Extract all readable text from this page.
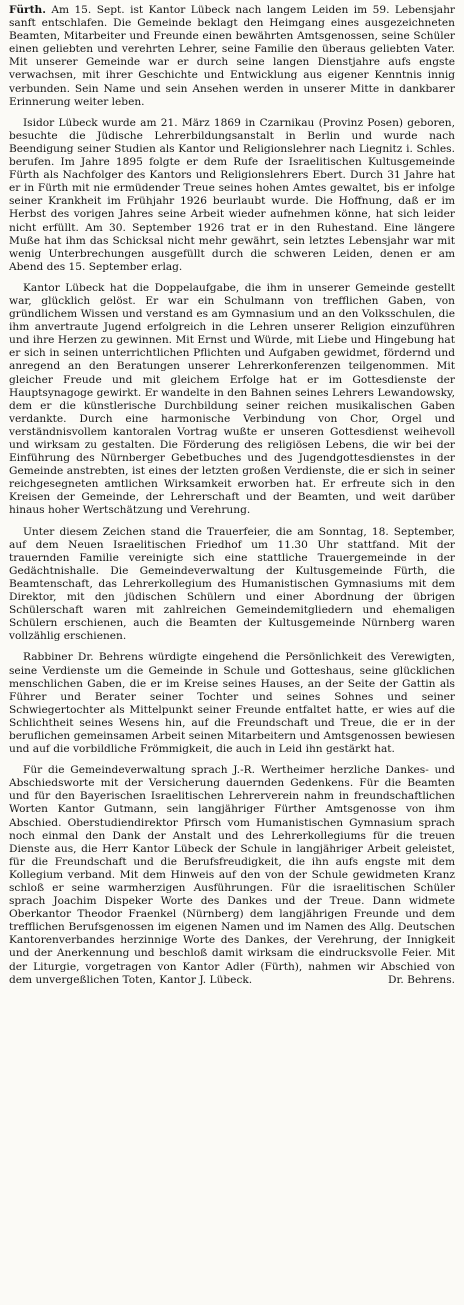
Fürth. Am 15. Sept. ist Kantor Lübeck nach langem Leiden im 59. Lebensjahr sanft entschlafen. Die Gemeinde beklagt den Heimgang eines ausgezeichneten Beamten, Mitarbeiter und Freunde einen bewährten Amtsgenossen, seine Schüler einen geliebten und verehrten Lehrer, seine Familie den überaus geliebten Vater. Mit unserer Gemeinde war er durch seine langen Dienstjahre aufs engste verwachsen, mit ihrer Geschichte und Entwicklung aus eigener Kenntnis innig verbunden. Sein Name und sein Ansehen werden in unserer Mitte in dankbarer Erinnerung weiter leben.

Isidor Lübeck wurde am 21. März 1869 in Czarnikau (Provinz Posen) geboren, besuchte die Jüdische Lehrerbildungsanstalt in Berlin und wurde nach Beendigung seiner Studien als Kantor und Religionslehrer nach Liegnitz i. Schles. berufen. Im Jahre 1895 folgte er dem Rufe der Israelitischen Kultusgemeinde Fürth als Nachfolger des Kantors und Religionslehrers Ebert. Durch 31 Jahre hat er in Fürth mit nie ermüdender Treue seines hohen Amtes gewaltet, bis er infolge seiner Krankheit im Frühjahr 1926 beurlaubt wurde. Die Hoffnung, daß er im Herbst des vorigen Jahres seine Arbeit wieder aufnehmen könne, hat sich leider nicht erfüllt. Am 30. September 1926 trat er in den Ruhestand. Eine längere Muße hat ihm das Schicksal nicht mehr gewährt, sein letztes Lebensjahr war mit wenig Unterbrechungen ausgefüllt durch die schweren Leiden, denen er am Abend des 15. September erlag.

Kantor Lübeck hat die Doppelaufgabe, die ihm in unserer Gemeinde gestellt war, glücklich gelöst. Er war ein Schulmann von trefflichen Gaben, von gründlichem Wissen und verstand es am Gymnasium und an den Volksschulen, die ihm anvertraute Jugend erfolgreich in die Lehren unserer Religion einzuführen und ihre Herzen zu gewinnen. Mit Ernst und Würde, mit Liebe und Hingebung hat er sich in seinen unterrichtlichen Pflichten und Aufgaben gewidmet, fördernd und anregend an den Beratungen unserer Lehrerkonferenzen teilgenommen. Mit gleicher Freude und mit gleichem Erfolge hat er im Gottesdienste der Hauptsynagoge gewirkt. Er wandelte in den Bahnen seines Lehrers Lewandowsky, dem er die künstlerische Durchbildung seiner reichen musikalischen Gaben verdankte. Durch eine harmonische Verbindung von Chor, Orgel und verständnisvollem kantoralen Vortrag wußte er unseren Gottesdienst weihevoll und wirksam zu gestalten. Die Förderung des religiösen Lebens, die wir bei der Einführung des Nürnberger Gebetbuches und des Jugendgottesdienstes in der Gemeinde anstrebten, ist eines der letzten großen Verdienste, die er sich in seiner reichgesegneten amtlichen Wirksamkeit erworben hat. Er erfreute sich in den Kreisen der Gemeinde, der Lehrerschaft und der Beamten, und weit darüber hinaus hoher Wertschätzung und Verehrung.

Unter diesem Zeichen stand die Trauerfeier, die am Sonntag, 18. September, auf dem Neuen Israelitischen Friedhof um 11.30 Uhr stattfand. Mit der trauernden Familie vereinigte sich eine stattliche Trauergemeinde in der Gedächtnishalle. Die Gemeindeverwaltung der Kultusgemeinde Fürth, die Beamtenschaft, das Lehrerkollegium des Humanistischen Gymnasiums mit dem Direktor, mit den jüdischen Schülern und einer Abordnung der übrigen Schülerschaft waren mit zahlreichen Gemeindemitgliedern und ehemaligen Schülern erschienen, auch die Beamten der Kultusgemeinde Nürnberg waren vollzählig erschienen.

Rabbiner Dr. Behrens würdigte eingehend die Persönlichkeit des Verewigten, seine Verdienste um die Gemeinde in Schule und Gotteshaus, seine glücklichen menschlichen Gaben, die er im Kreise seines Hauses, an der Seite der Gattin als Führer und Berater seiner Tochter und seines Sohnes und seiner Schwiegertochter als Mittelpunkt seiner Freunde entfaltet hatte, er wies auf die Schlichtheit seines Wesens hin, auf die Freundschaft und Treue, die er in der beruflichen gemeinsamen Arbeit seinen Mitarbeitern und Amtsgenossen bewiesen und auf die vorbildliche Frömmigkeit, die auch in Leid ihn gestärkt hat.

Für die Gemeindeverwaltung sprach J.-R. Wertheimer herzliche Dankes- und Abschiedsworte mit der Versicherung dauernden Gedenkens. Für die Beamten und für den Bayerischen Israelitischen Lehrerverein nahm in freundschaftlichen Worten Kantor Gutmann, sein langjähriger Fürther Amtsgenosse von ihm Abschied. Oberstudiendirektor Pfirsch vom Humanistischen Gymnasium sprach noch einmal den Dank der Anstalt und des Lehrerkollegiums für die treuen Dienste aus, die Herr Kantor Lübeck der Schule in langjähriger Arbeit geleistet, für die Freundschaft und die Berufsfreudigkeit, die ihn aufs engste mit dem Kollegium verband. Mit dem Hinweis auf den von der Schule gewidmeten Kranz schloß er seine warmherzigen Ausführungen. Für die israelitischen Schüler sprach Joachim Dispeker Worte des Dankes und der Treue. Dann widmete Oberkantor Theodor Fraenkel (Nürnberg) dem langjährigen Freunde und dem trefflichen Berufsgenossen im eigenen Namen und im Namen des Allg. Deutschen Kantorenverbandes herzinnige Worte des Dankes, der Verehrung, der Innigkeit und der Anerkennung und beschloß damit wirksam die eindrucksvolle Feier. Mit der Liturgie, vorgetragen von Kantor Adler (Fürth), nahmen wir Abschied von dem unvergeßlichen Toten, Kantor J. Lübeck.	Dr. Behrens.
